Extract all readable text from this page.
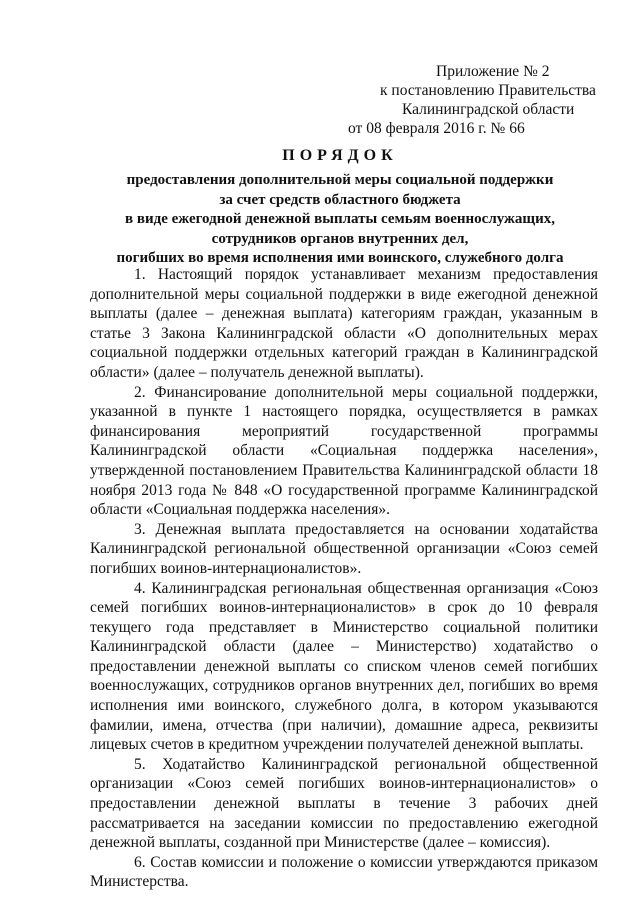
Приложение № 2
к постановлению Правительства
Калининградской области
от 08 февраля 2016 г. № 66
ПОРЯДОК
предоставления дополнительной меры социальной поддержки
за счет средств областного бюджета
в виде ежегодной денежной выплаты семьям военнослужащих,
сотрудников органов внутренних дел,
погибших во время исполнения ими воинского, служебного долга

1. Настоящий порядок устанавливает механизм предоставления дополнительной меры социальной поддержки в виде ежегодной денежной выплаты (далее – денежная выплата) категориям граждан, указанным в статье 3 Закона Калининградской области «О дополнительных мерах социальной поддержки отдельных категорий граждан в Калининградской области» (далее – получатель денежной выплаты).

2. Финансирование дополнительной меры социальной поддержки, указанной в пункте 1 настоящего порядка, осуществляется в рамках финансирования мероприятий государственной программы Калининградской области «Социальная поддержка населения», утвержденной постановлением Правительства Калининградской области 18 ноября 2013 года № 848 «О государственной программе Калининградской области «Социальная поддержка населения».

3. Денежная выплата предоставляется на основании ходатайства Калининградской региональной общественной организации «Союз семей погибших воинов-интернационалистов».

4. Калининградская региональная общественная организация «Союз семей погибших воинов-интернационалистов» в срок до 10 февраля текущего года представляет в Министерство социальной политики Калининградской области (далее – Министерство) ходатайство о предоставлении денежной выплаты со списком членов семей погибших военнослужащих, сотрудников органов внутренних дел, погибших во время исполнения ими воинского, служебного долга, в котором указываются фамилии, имена, отчества (при наличии), домашние адреса, реквизиты лицевых счетов в кредитном учреждении получателей денежной выплаты.

5. Ходатайство Калининградской региональной общественной организации «Союз семей погибших воинов-интернационалистов» о предоставлении денежной выплаты в течение 3 рабочих дней рассматривается на заседании комиссии по предоставлению ежегодной денежной выплаты, созданной при Министерстве (далее – комиссия).

6. Состав комиссии и положение о комиссии утверждаются приказом Министерства.
